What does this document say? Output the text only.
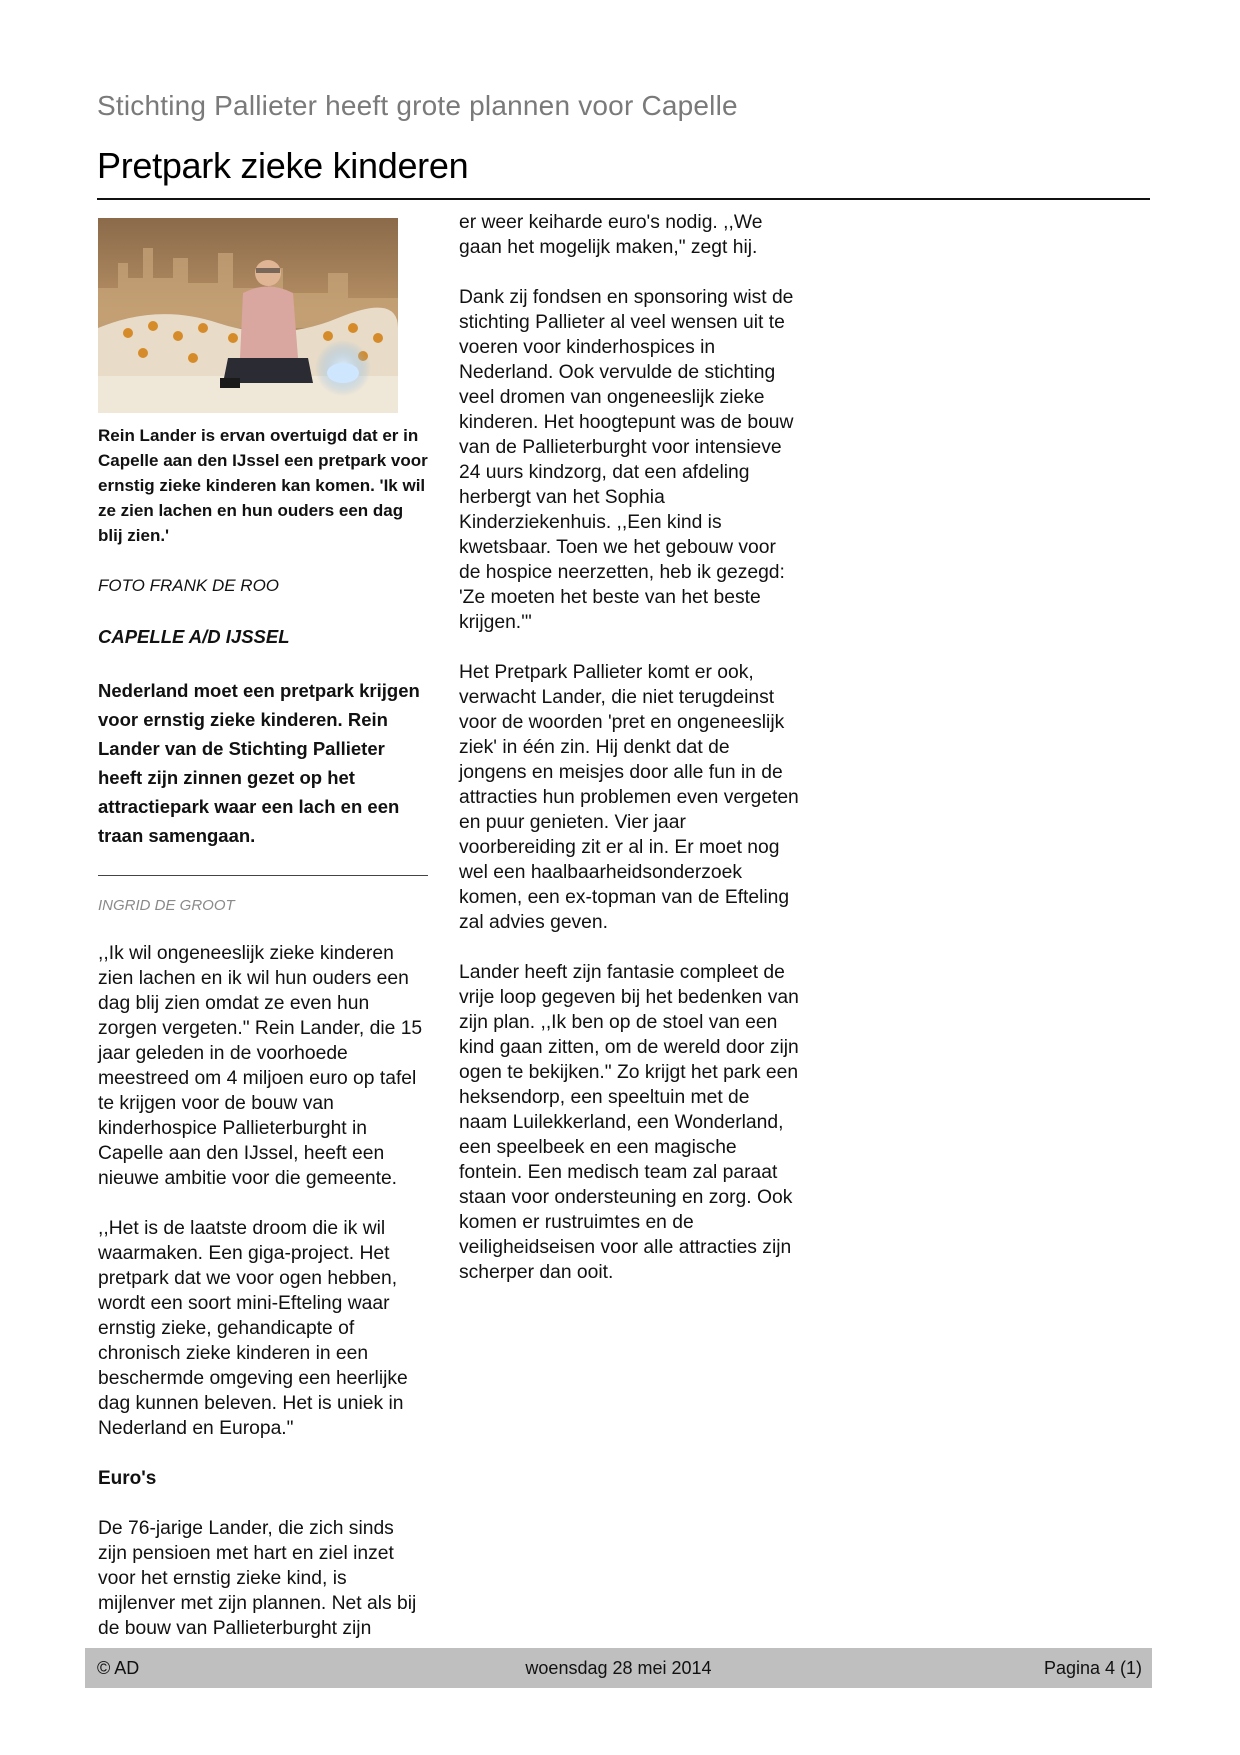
Stichting Pallieter heeft grote plannen voor Capelle
Pretpark zieke kinderen

Rein Lander is ervan overtuigd dat er in Capelle aan den IJssel een pretpark voor ernstig zieke kinderen kan komen. 'Ik wil ze zien lachen en hun ouders een dag blij zien.'

FOTO FRANK DE ROO

CAPELLE A/D IJSSEL

Nederland moet een pretpark krijgen voor ernstig zieke kinderen. Rein Lander van de Stichting Pallieter heeft zijn zinnen gezet op het attractiepark waar een lach en een traan samengaan.

INGRID DE GROOT

,,Ik wil ongeneeslijk zieke kinderen zien lachen en ik wil hun ouders een dag blij zien omdat ze even hun zorgen vergeten." Rein Lander, die 15 jaar geleden in de voorhoede meestreed om 4 miljoen euro op tafel te krijgen voor de bouw van kinderhospice Pallieterburght in Capelle aan den IJssel, heeft een nieuwe ambitie voor die gemeente.

,,Het is de laatste droom die ik wil waarmaken. Een giga-project. Het pretpark dat we voor ogen hebben, wordt een soort mini-Efteling waar ernstig zieke, gehandicapte of chronisch zieke kinderen in een beschermde omgeving een heerlijke dag kunnen beleven. Het is uniek in Nederland en Europa."

Euro's

De 76-jarige Lander, die zich sinds zijn pensioen met hart en ziel inzet voor het ernstig zieke kind, is mijlenver met zijn plannen. Net als bij de bouw van Pallieterburght zijn

er weer keiharde euro's nodig. ,,We gaan het mogelijk maken," zegt hij.

Dank zij fondsen en sponsoring wist de stichting Pallieter al veel wensen uit te voeren voor kinderhospices in Nederland. Ook vervulde de stichting veel dromen van ongeneeslijk zieke kinderen. Het hoogtepunt was de bouw van de Pallieterburght voor intensieve 24 uurs kindzorg, dat een afdeling herbergt van het Sophia Kinderziekenhuis. ,,Een kind is kwetsbaar. Toen we het gebouw voor de hospice neerzetten, heb ik gezegd: 'Ze moeten het beste van het beste krijgen.'"

Het Pretpark Pallieter komt er ook, verwacht Lander, die niet terugdeinst voor de woorden 'pret en ongeneeslijk ziek' in één zin. Hij denkt dat de jongens en meisjes door alle fun in de attracties hun problemen even vergeten en puur genieten. Vier jaar voorbereiding zit er al in. Er moet nog wel een haalbaarheidsonderzoek komen, een ex-topman van de Efteling zal advies geven.

Lander heeft zijn fantasie compleet de vrije loop gegeven bij het bedenken van zijn plan. ,,Ik ben op de stoel van een kind gaan zitten, om de wereld door zijn ogen te bekijken." Zo krijgt het park een heksendorp, een speeltuin met de naam Luilekkerland, een Wonderland, een speelbeek en een magische fontein. Een medisch team zal paraat staan voor ondersteuning en zorg. Ook komen er rustruimtes en de veiligheidseisen voor alle attracties zijn scherper dan ooit.

© AD	woensdag 28 mei 2014	Pagina 4 (1)
